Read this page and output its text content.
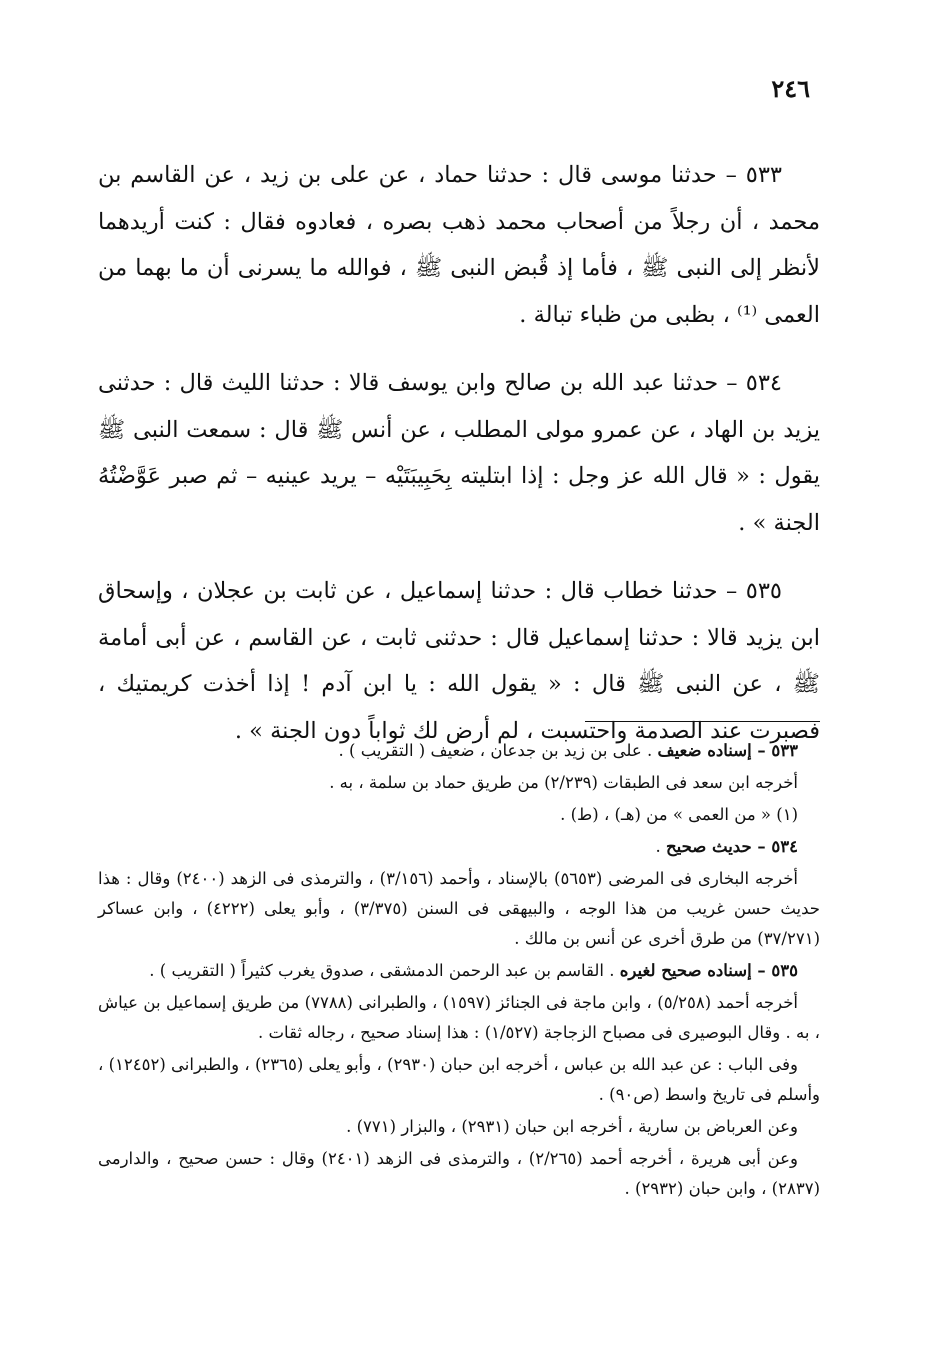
٢٤٦

٥٣٣ – حدثنا موسى قال : حدثنا حماد ، عن على بن زيد ، عن القاسم بن محمد ، أن رجلاً من أصحاب محمد ذهب بصره ، فعادوه فقال : كنت أريدهما لأنظر إلى النبى ﷺ ، فأما إذ قُبض النبى ﷺ ، فوالله ما يسرنى أن ما بهما من العمى ⁽¹⁾ ، بظبى من ظباء تبالة .

٥٣٤ – حدثنا عبد الله بن صالح وابن يوسف قالا : حدثنا الليث قال : حدثنى يزيد بن الهاد ، عن عمرو مولى المطلب ، عن أنس ﷺ قال : سمعت النبى ﷺ يقول : « قال الله عز وجل : إذا ابتليته بِحَبِيبَتَيْه – يريد عينيه – ثم صبر عَوَّضْتُهُ الجنة » .

٥٣٥ – حدثنا خطاب قال : حدثنا إسماعيل ، عن ثابت بن عجلان ، وإسحاق ابن يزيد قالا : حدثنا إسماعيل قال : حدثنى ثابت ، عن القاسم ، عن أبى أمامة ﷺ ، عن النبى ﷺ قال : « يقول الله : يا ابن آدم ! إذا أخذت كريمتيك ، فصبرت عند الصدمة واحتسبت ، لم أرض لك ثواباً دون الجنة » .

٥٣٣ – إسناده ضعيف . على بن زيد بن جدعان ، ضعيف ( التقريب ) .

أخرجه ابن سعد فى الطبقات (٢/٢٣٩) من طريق حماد بن سلمة ، به .

(١) « من العمى » من (هـ) ، (ط) .

٥٣٤ – حديث صحيح .

أخرجه البخارى فى المرضى (٥٦٥٣) بالإسناد ، وأحمد (٣/١٥٦) ، والترمذى فى الزهد (٢٤٠٠) وقال : هذا حديث حسن غريب من هذا الوجه ، والبيهقى فى السنن (٣/٣٧٥) ، وأبو يعلى (٤٢٢٢) ، وابن عساكر (٣٧/٢٧١) من طرق أخرى عن أنس بن مالك .

٥٣٥ – إسناده صحيح لغيره . القاسم بن عبد الرحمن الدمشقى ، صدوق يغرب كثيراً ( التقريب ) .

أخرجه أحمد (٥/٢٥٨) ، وابن ماجة فى الجنائز (١٥٩٧) ، والطبرانى (٧٧٨٨) من طريق إسماعيل بن عياش ، به . وقال البوصيرى فى مصباح الزجاجة (١/٥٢٧) : هذا إسناد صحيح ، رجاله ثقات .

وفى الباب : عن عبد الله بن عباس ، أخرجه ابن حبان (٢٩٣٠) ، وأبو يعلى (٢٣٦٥) ، والطبرانى (١٢٤٥٢) ، وأسلم فى تاريخ واسط (ص٩٠) .

وعن العرباض بن سارية ، أخرجه ابن حبان (٢٩٣١) ، والبزار (٧٧١) .

وعن أبى هريرة ، أخرجه أحمد (٢/٢٦٥) ، والترمذى فى الزهد (٢٤٠١) وقال : حسن صحيح ، والدارمى (٢٨٣٧) ، وابن حبان (٢٩٣٢) .
